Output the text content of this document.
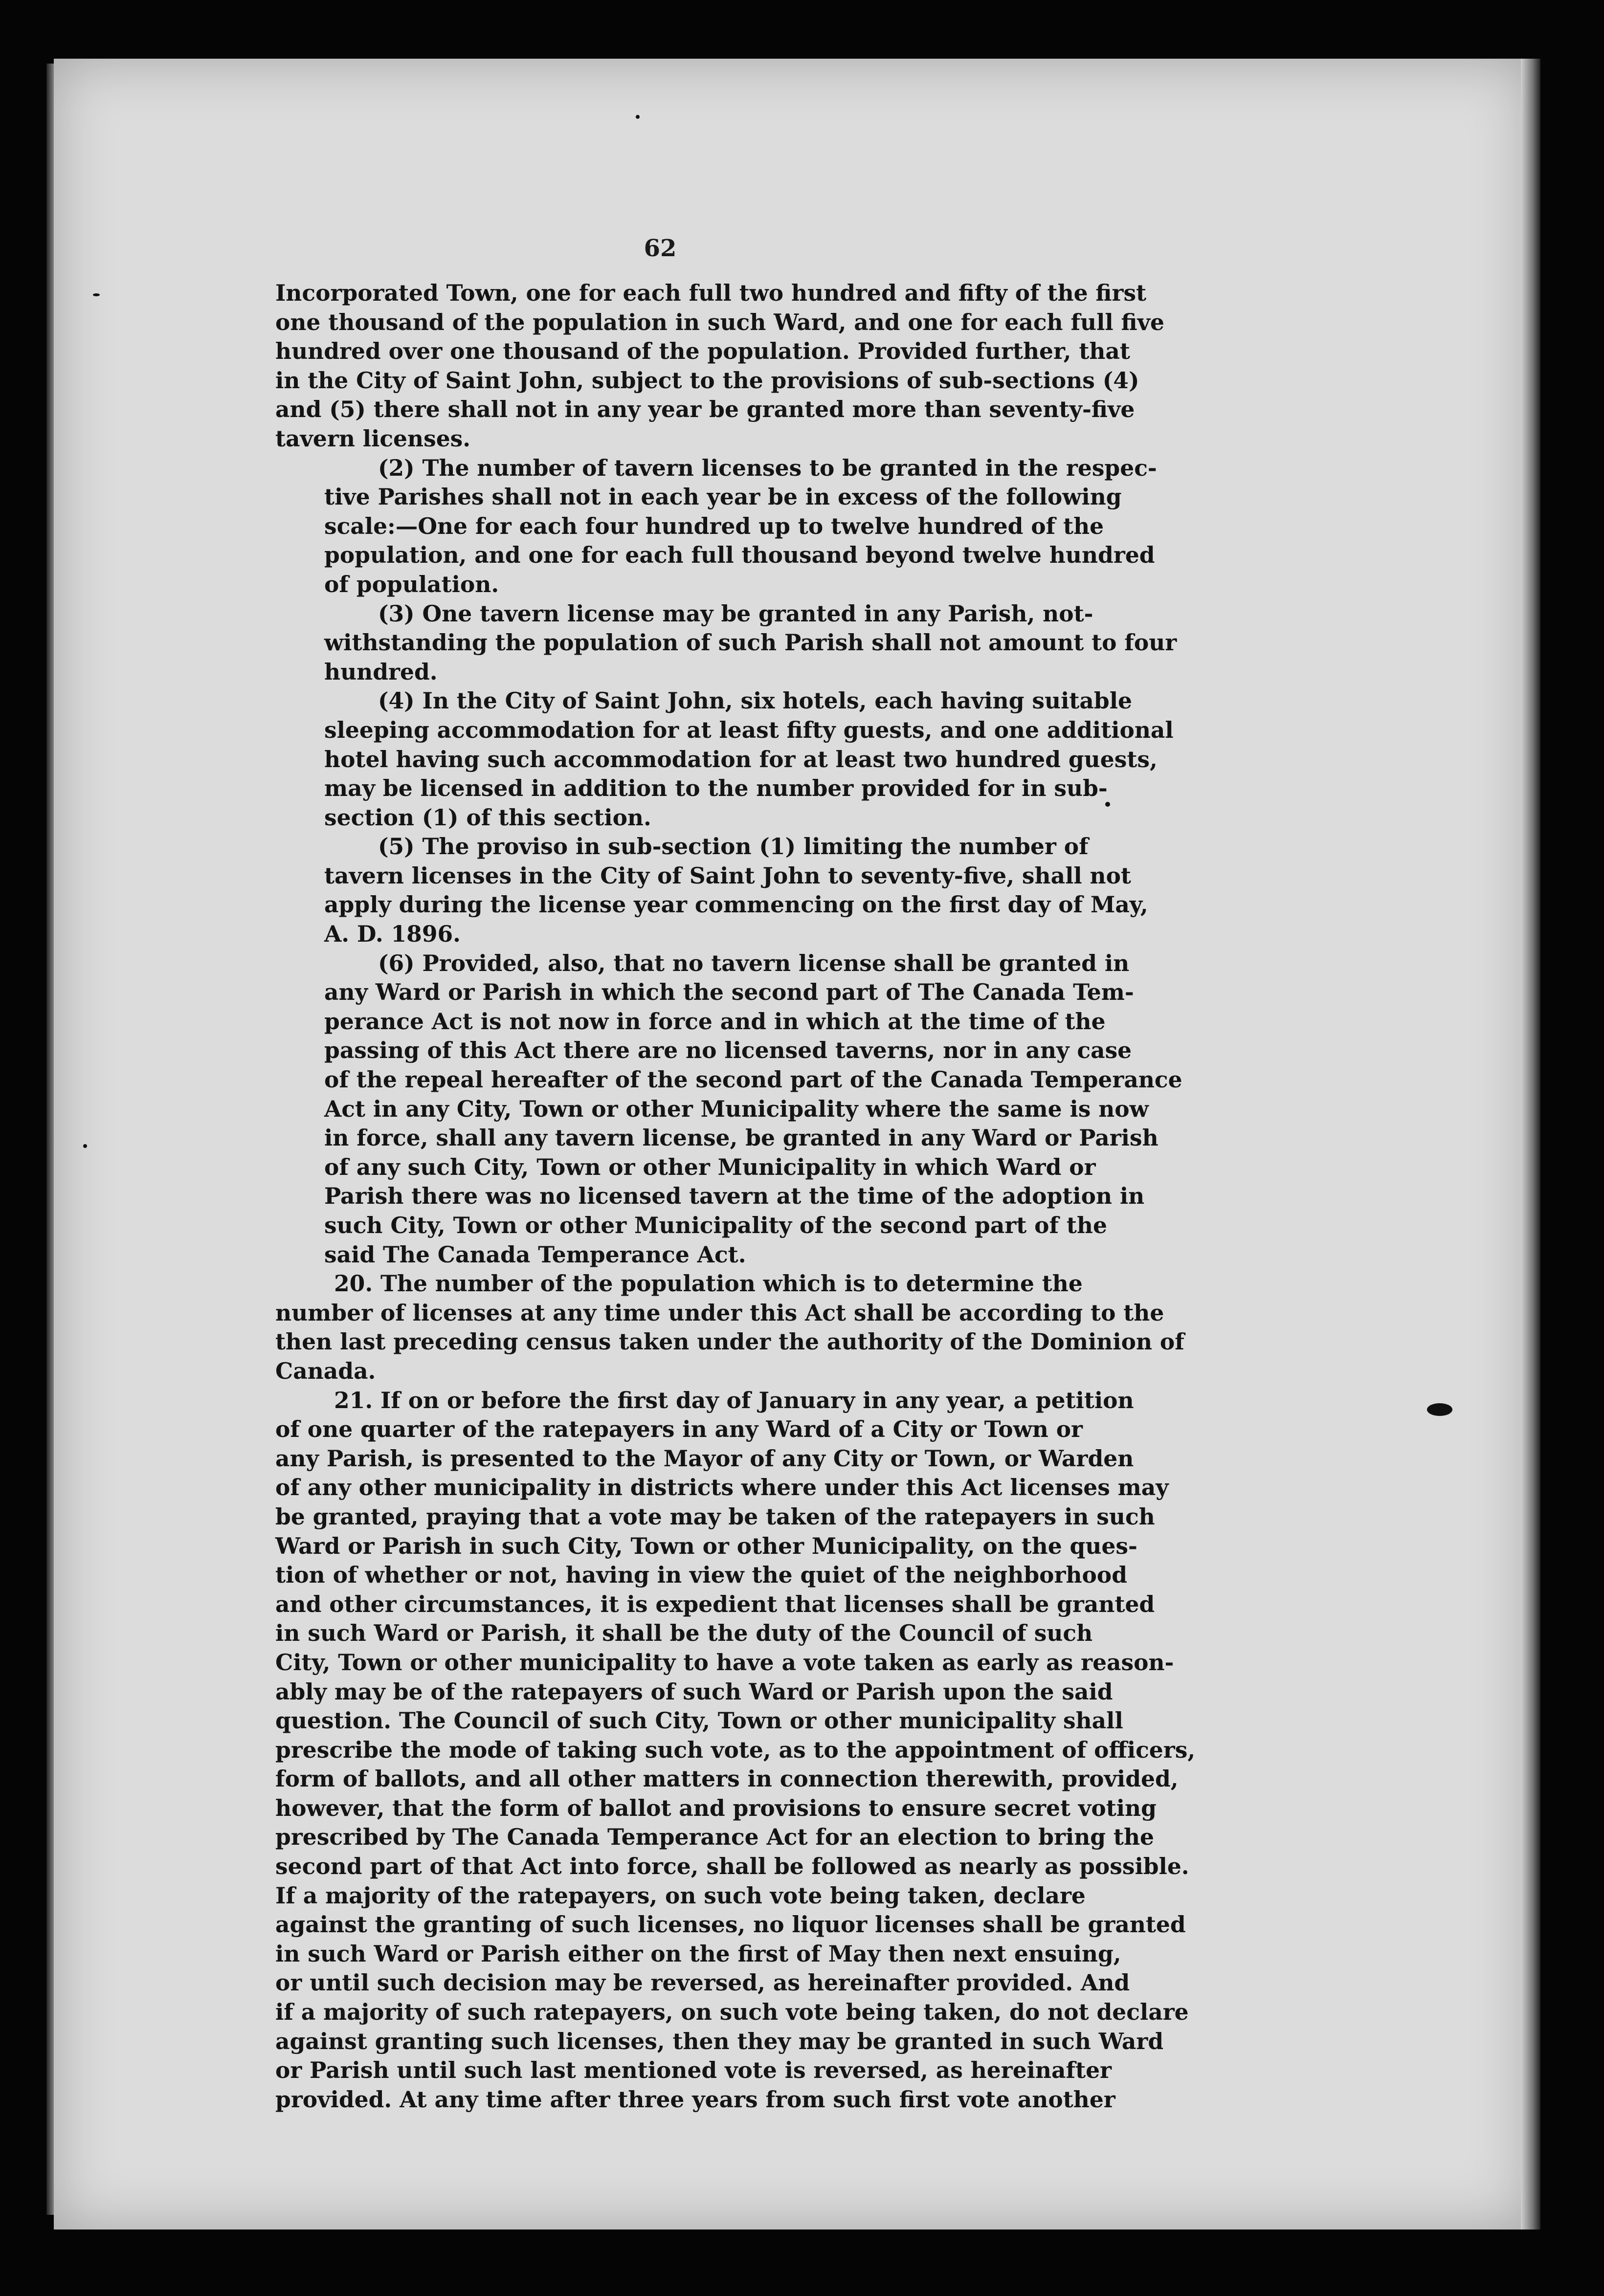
62
Incorporated Town, one for each full two hundred and fifty of the first
one thousand of the population in such Ward, and one for each full five
hundred over one thousand of the population. Provided further, that
in the City of Saint John, subject to the provisions of sub-sections (4)
and (5) there shall not in any year be granted more than seventy-five
tavern licenses.
(2) The number of tavern licenses to be granted in the respec-
tive Parishes shall not in each year be in excess of the following
scale:—One for each four hundred up to twelve hundred of the
population, and one for each full thousand beyond twelve hundred
of population.
(3) One tavern license may be granted in any Parish, not-
withstanding the population of such Parish shall not amount to four
hundred.
(4) In the City of Saint John, six hotels, each having suitable
sleeping accommodation for at least fifty guests, and one additional
hotel having such accommodation for at least two hundred guests,
may be licensed in addition to the number provided for in sub-
section (1) of this section.
(5) The proviso in sub-section (1) limiting the number of
tavern licenses in the City of Saint John to seventy-five, shall not
apply during the license year commencing on the first day of May,
A. D. 1896.
(6) Provided, also, that no tavern license shall be granted in
any Ward or Parish in which the second part of The Canada Tem-
perance Act is not now in force and in which at the time of the
passing of this Act there are no licensed taverns, nor in any case
of the repeal hereafter of the second part of the Canada Temperance
Act in any City, Town or other Municipality where the same is now
in force, shall any tavern license, be granted in any Ward or Parish
of any such City, Town or other Municipality in which Ward or
Parish there was no licensed tavern at the time of the adoption in
such City, Town or other Municipality of the second part of the
said The Canada Temperance Act.
20. The number of the population which is to determine the
number of licenses at any time under this Act shall be according to the
then last preceding census taken under the authority of the Dominion of
Canada.
21. If on or before the first day of January in any year, a petition
of one quarter of the ratepayers in any Ward of a City or Town or
any Parish, is presented to the Mayor of any City or Town, or Warden
of any other municipality in districts where under this Act licenses may
be granted, praying that a vote may be taken of the ratepayers in such
Ward or Parish in such City, Town or other Municipality, on the ques-
tion of whether or not, having in view the quiet of the neighborhood
and other circumstances, it is expedient that licenses shall be granted
in such Ward or Parish, it shall be the duty of the Council of such
City, Town or other municipality to have a vote taken as early as reason-
ably may be of the ratepayers of such Ward or Parish upon the said
question. The Council of such City, Town or other municipality shall
prescribe the mode of taking such vote, as to the appointment of officers,
form of ballots, and all other matters in connection therewith, provided,
however, that the form of ballot and provisions to ensure secret voting
prescribed by The Canada Temperance Act for an election to bring the
second part of that Act into force, shall be followed as nearly as possible.
If a majority of the ratepayers, on such vote being taken, declare
against the granting of such licenses, no liquor licenses shall be granted
in such Ward or Parish either on the first of May then next ensuing,
or until such decision may be reversed, as hereinafter provided. And
if a majority of such ratepayers, on such vote being taken, do not declare
against granting such licenses, then they may be granted in such Ward
or Parish until such last mentioned vote is reversed, as hereinafter
provided. At any time after three years from such first vote another
